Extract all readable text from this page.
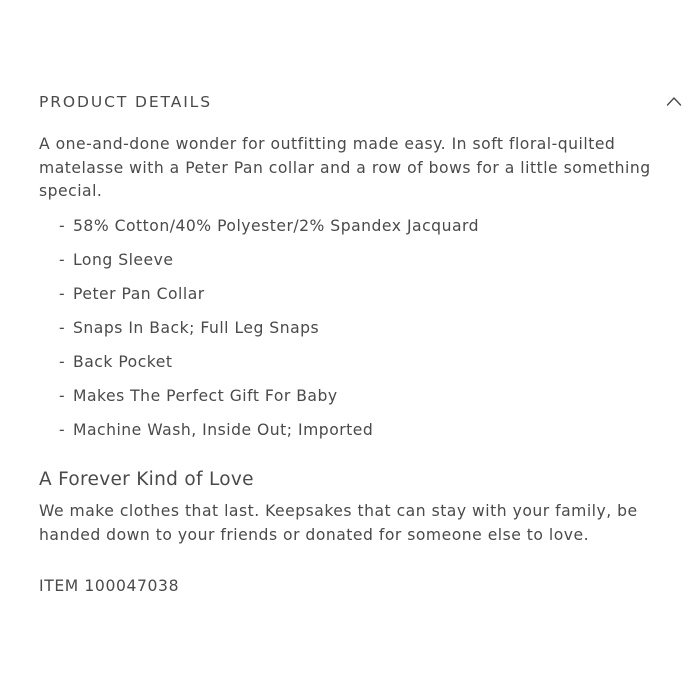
PRODUCT DETAILS

A one-and-done wonder for outfitting made easy. In soft floral-quilted matelasse with a Peter Pan collar and a row of bows for a little something special.

- 58% Cotton/40% Polyester/2% Spandex Jacquard
- Long Sleeve
- Peter Pan Collar
- Snaps In Back; Full Leg Snaps
- Back Pocket
- Makes The Perfect Gift For Baby
- Machine Wash, Inside Out; Imported
A Forever Kind of Love

We make clothes that last. Keepsakes that can stay with your family, be handed down to your friends or donated for someone else to love.

ITEM 100047038
